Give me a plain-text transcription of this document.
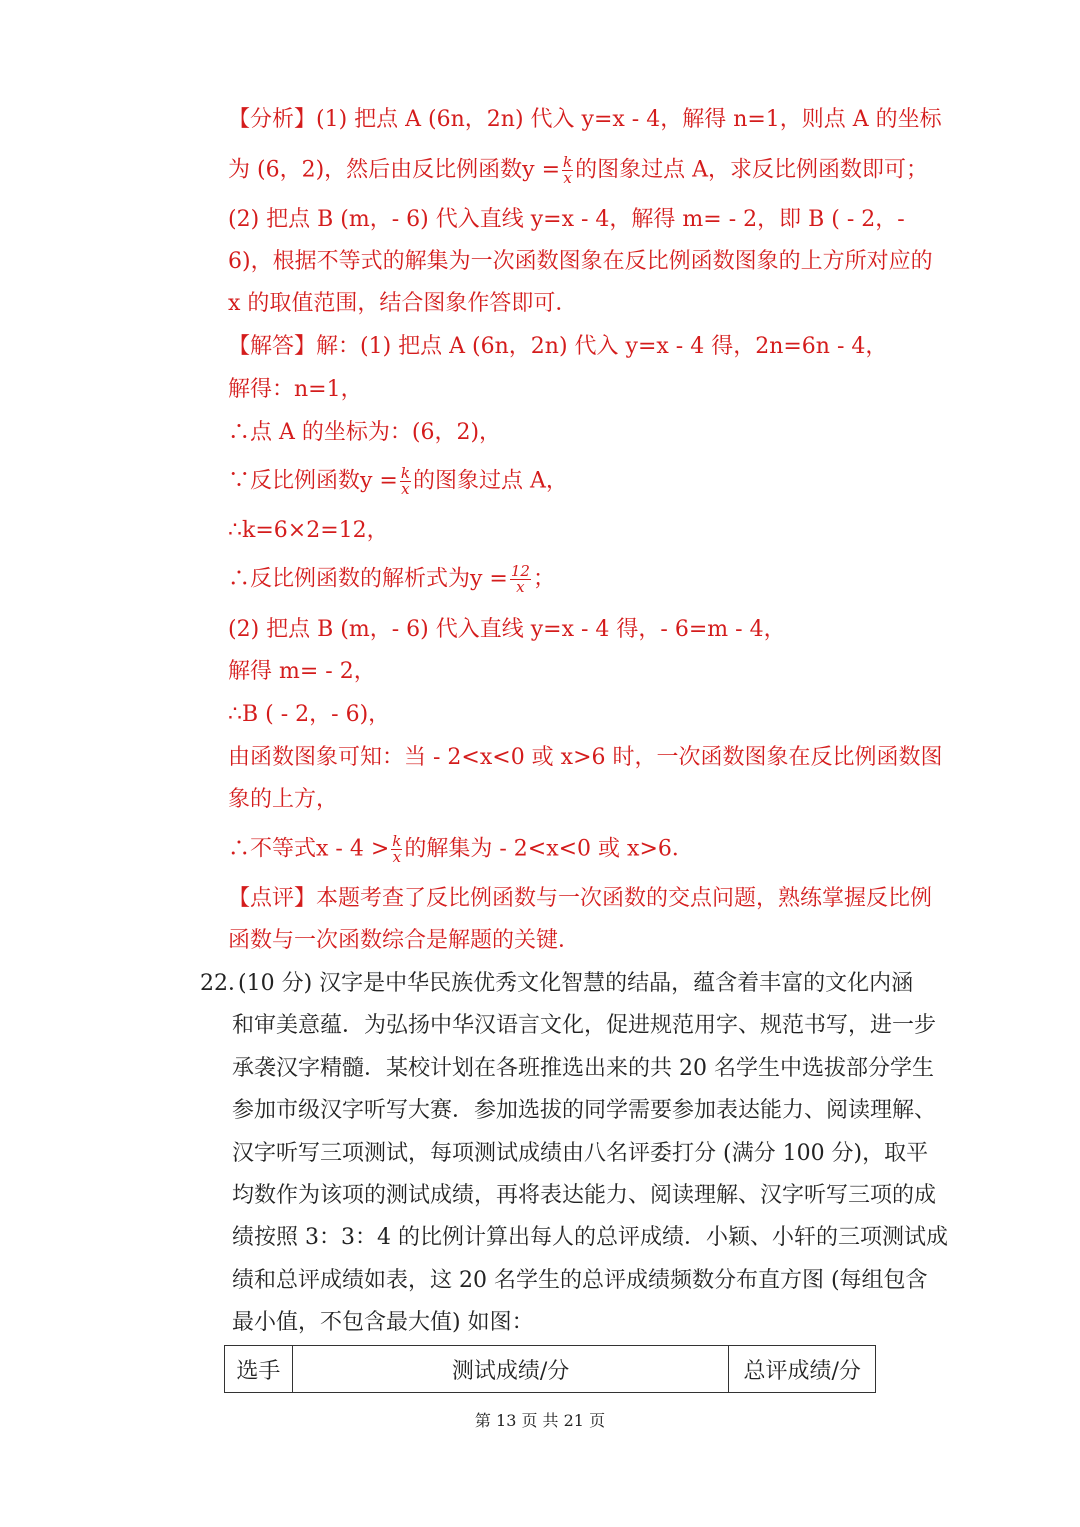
【分析】(1) 把点 A (6n，2n) 代入 y=x - 4，解得 n=1，则点 A 的坐标
为 (6，2)，然后由反比例函数$y = \frac{k}{x}$ 的图象过点 A，求反比例函数即可；
(2) 把点 B (m，- 6) 代入直线 y=x - 4，解得 m= - 2，即 B ( - 2，-
6)，根据不等式的解集为一次函数图象在反比例函数图象的上方所对应的
x 的取值范围，结合图象作答即可．
【解答】解：(1) 把点 A (6n，2n) 代入 y=x - 4 得，2n=6n - 4，
解得：n=1，
∴点 A 的坐标为：(6，2)，
∵反比例函数$y = \frac{k}{x}$ 的图象过点 A，
∴k=6×2=12，
∴反比例函数的解析式为$y = \frac{12}{x}$ ；
(2) 把点 B (m，- 6) 代入直线 y=x - 4 得，- 6=m - 4，
解得 m= - 2，
∴B ( - 2，- 6)，
由函数图象可知：当 - 2<x<0 或 x>6 时，一次函数图象在反比例函数图
象的上方，
∴不等式$x - 4 > \frac{k}{x}$ 的解集为 - 2<x<0 或 x>6．
【点评】本题考查了反比例函数与一次函数的交点问题，熟练掌握反比例
函数与一次函数综合是解题的关键．
22．
(10 分) 汉字是中华民族优秀文化智慧的结晶，蕴含着丰富的文化内涵
和审美意蕴．为弘扬中华汉语言文化，促进规范用字、规范书写，进一步
承袭汉字精髓．某校计划在各班推选出来的共 20 名学生中选拔部分学生
参加市级汉字听写大赛．参加选拔的同学需要参加表达能力、阅读理解、
汉字听写三项测试，每项测试成绩由八名评委打分 (满分 100 分)，取平
均数作为该项的测试成绩，再将表达能力、阅读理解、汉字听写三项的成
绩按照 3：3：4 的比例计算出每人的总评成绩．小颖、小轩的三项测试成
绩和总评成绩如表，这 20 名学生的总评成绩频数分布直方图 (每组包含
最小值，不包含最大值) 如图：
选手	测试成绩/分	总评成绩/分
第 13 页 共 21 页
